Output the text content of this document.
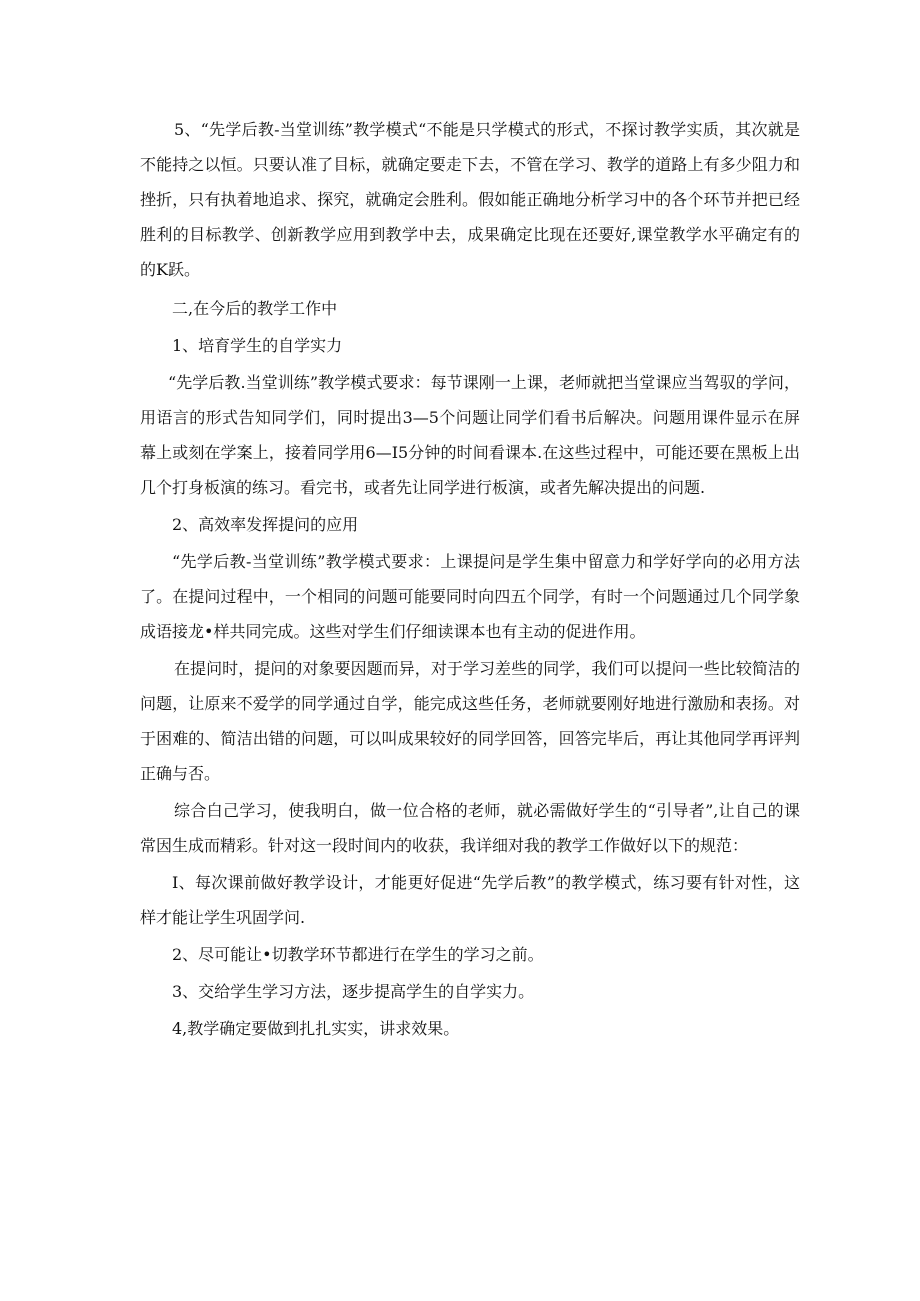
5、“先学后教-当堂训练”教学模式“不能是只学模式的形式，不探讨教学实质，其次就是不能持之以恒。只要认准了目标，就确定要走下去，不管在学习、教学的道路上有多少阻力和挫折，只有执着地追求、探究，就确定会胜利。假如能正确地分析学习中的各个环节并把已经胜利的目标教学、创新教学应用到教学中去，成果确定比现在还要好,课堂教学水平确定有的的K跃。

二,在今后的教学工作中

1、培育学生的自学实力

“先学后教.当堂训练”教学模式要求：每节课刚一上课，老师就把当堂课应当驾驭的学问，用语言的形式告知同学们，同时提出3—5个问题让同学们看书后解决。问题用课件显示在屏幕上或刻在学案上，接着同学用6—I5分钟的时间看课本.在这些过程中，可能还要在黑板上出几个打身板演的练习。看完书，或者先让同学进行板演，或者先解决提出的问题.

2、高效率发挥提问的应用

“先学后教-当堂训练”教学模式要求：上课提问是学生集中留意力和学好学向的必用方法了。在提问过程中，一个相同的问题可能要同时向四五个同学，有时一个问题通过几个同学象成语接龙•样共同完成。这些对学生们仔细读课本也有主动的促进作用。

在提问时，提问的对象要因题而异，对于学习差些的同学，我们可以提问一些比较简洁的问题，让原来不爱学的同学通过自学，能完成这些任务，老师就要刚好地进行激励和表扬。对于困难的、简洁出错的问题，可以叫成果较好的同学回答，回答完毕后，再让其他同学再评判正确与否。

综合白己学习，使我明白，做一位合格的老师，就必需做好学生的“引导者”,让自己的课常因生成而精彩。针对这一段时间内的收获，我详细对我的教学工作做好以下的规范：

I、每次课前做好教学设计，才能更好促进“先学后教”的教学模式，练习要有针对性，这样才能让学生巩固学问.

2、尽可能让•切教学环节都进行在学生的学习之前。

3、交给学生学习方法，逐步提高学生的自学实力。

4,教学确定要做到扎扎实实，讲求效果。
